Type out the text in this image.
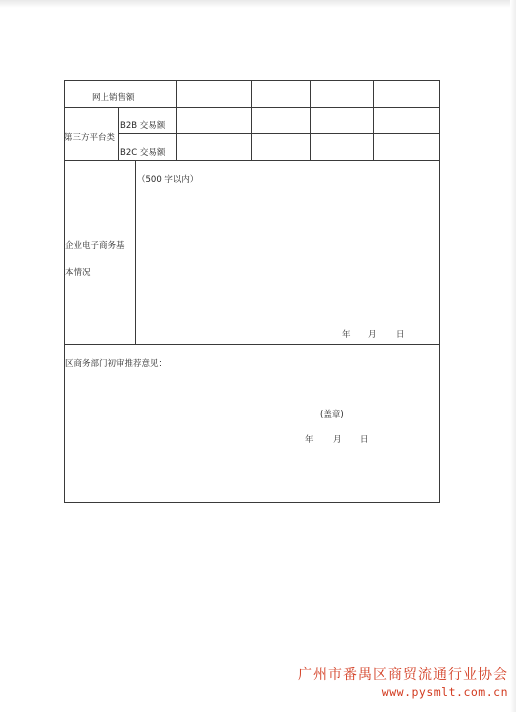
网上销售额
第三方平台类
B2B 交易额
B2C 交易额
企业电子商务基
本情况
（500 字以内）
年 月 日
区商务部门初审推荐意见：
(盖章)
年 月 日
广州市番禺区商贸流通行业协会
www.pysmlt.com.cn
